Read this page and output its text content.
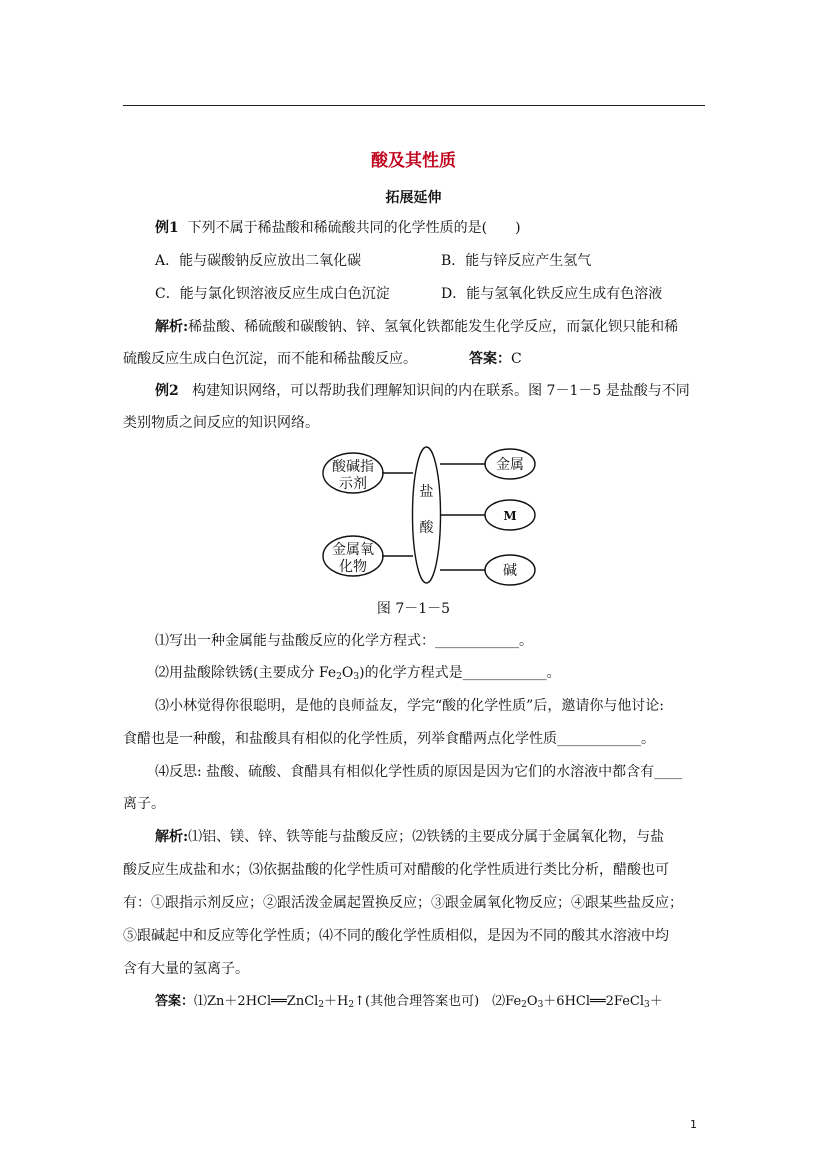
酸及其性质
拓展延伸
例1 下列不属于稀盐酸和稀硫酸共同的化学性质的是(　　)
A．能与碳酸钠反应放出二氧化碳	B．能与锌反应产生氢气
C．能与氯化钡溶液反应生成白色沉淀	D．能与氢氧化铁反应生成有色溶液
解析:稀盐酸、稀硫酸和碳酸钠、锌、氢氧化铁都能发生化学反应，而氯化钡只能和稀
硫酸反应生成白色沉淀，而不能和稀盐酸反应。	答案：C
例2 构建知识网络，可以帮助我们理解知识间的内在联系。图 7－1－5 是盐酸与不同
类别物质之间反应的知识网络。
酸碱指
示剂
金属氧
化物
盐
酸
金属
M
碱
图 7－1－5
⑴写出一种金属能与盐酸反应的化学方程式：____________。
⑵用盐酸除铁锈(主要成分 $Fe_2O_3$)的化学方程式是____________。
⑶小林觉得你很聪明，是他的良师益友，学完“酸的化学性质”后，邀请你与他讨论:
食醋也是一种酸，和盐酸具有相似的化学性质，列举食醋两点化学性质____________。
⑷反思: 盐酸、硫酸、食醋具有相似化学性质的原因是因为它们的水溶液中都含有____
离子。
解析:⑴铝、镁、锌、铁等能与盐酸反应；⑵铁锈的主要成分属于金属氧化物，与盐
酸反应生成盐和水；⑶依据盐酸的化学性质可对醋酸的化学性质进行类比分析，醋酸也可
有：①跟指示剂反应；②跟活泼金属起置换反应；③跟金属氧化物反应；④跟某些盐反应；
⑤跟碱起中和反应等化学性质；⑷不同的酸化学性质相似，是因为不同的酸其水溶液中均
含有大量的氢离子。
答案：$⑴Zn+2HCl══ZnCl_2+H_2↑$(其他合理答案也可)　$⑵Fe_2O_3+6HCl══2FeCl_3+$
1
